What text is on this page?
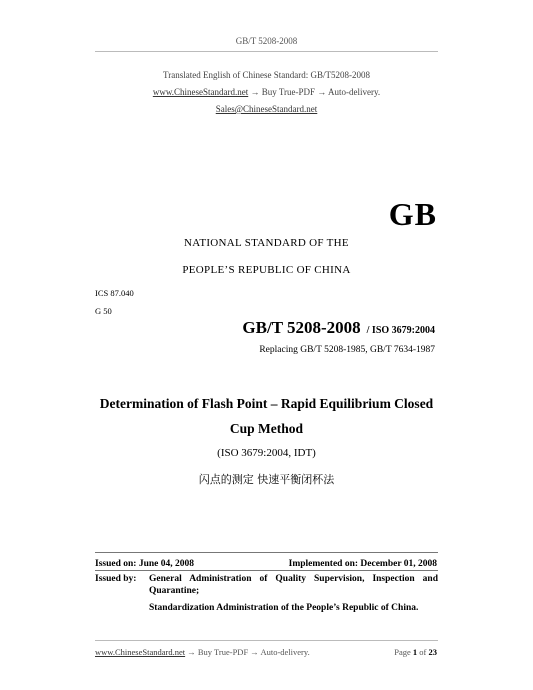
GB/T 5208-2008
Translated English of Chinese Standard: GB/T5208-2008
www.ChineseStandard.net → Buy True-PDF → Auto-delivery.
Sales@ChineseStandard.net
GB
NATIONAL STANDARD OF THE
PEOPLE’S REPUBLIC OF CHINA
ICS 87.040
G 50
GB/T 5208-2008 / ISO 3679:2004
Replacing GB/T 5208-1985, GB/T 7634-1987
Determination of Flash Point – Rapid Equilibrium Closed
Cup Method
(ISO 3679:2004, IDT)
闪点的测定 快速平衡闭杯法
Issued on: June 04, 2008	Implemented on: December 01, 2008
Issued by: General Administration of Quality Supervision, Inspection and
Quarantine;
Standardization Administration of the People’s Republic of China.
www.ChineseStandard.net → Buy True-PDF → Auto-delivery.	Page 1 of 23
